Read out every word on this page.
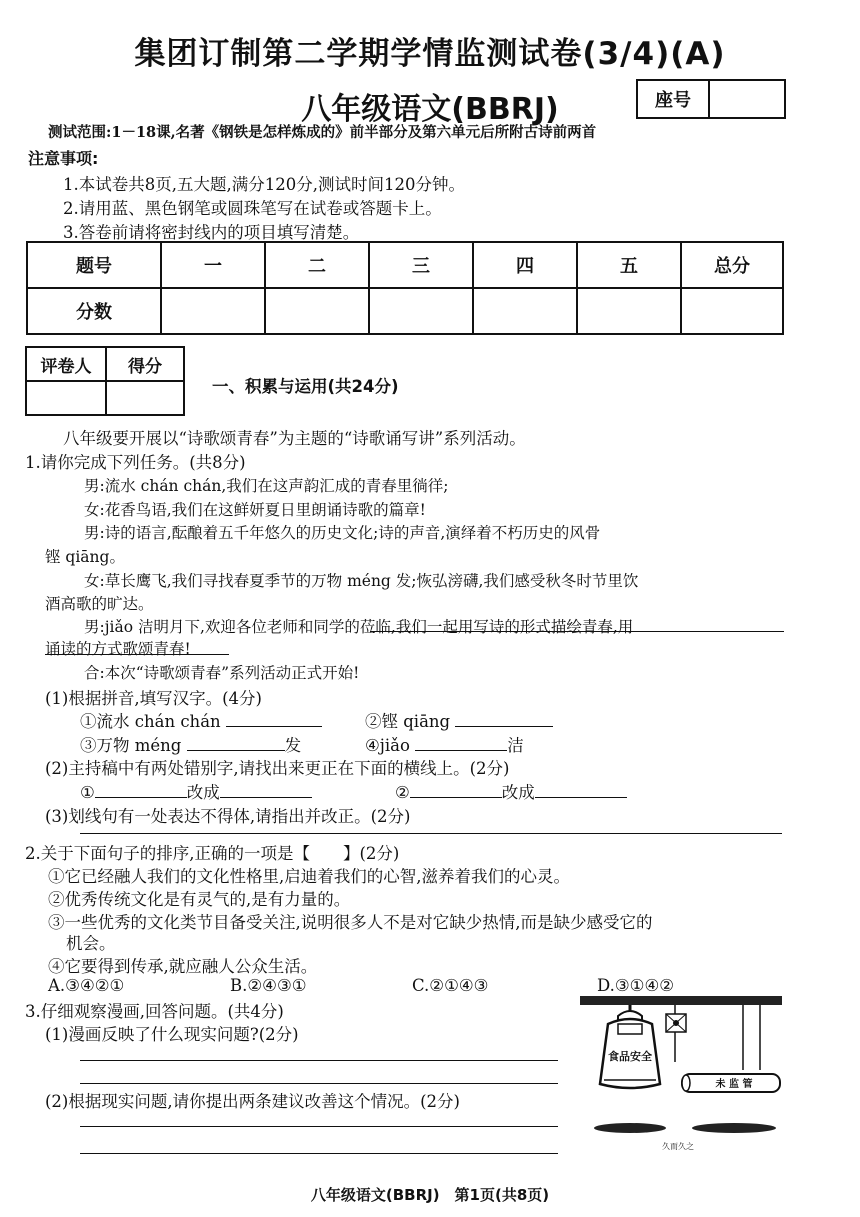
集团订制第二学期学情监测试卷(3/4)(A)
八年级语文(BBRJ)	座号
测试范围:1－18课,名著《钢铁是怎样炼成的》前半部分及第六单元后所附古诗前两首
注意事项:
1.本试卷共8页,五大题,满分120分,测试时间120分钟。
2.请用蓝、黑色钢笔或圆珠笔写在试卷或答题卡上。
3.答卷前请将密封线内的项目填写清楚。
题号	一	二	三	四	五	总分
分数						
评卷人	得分

一、积累与运用(共24分)
八年级要开展以“诗歌颂青春”为主题的“诗歌诵写讲”系列活动。
1.请你完成下列任务。(共8分)
男:流水 chán chán,我们在这声韵汇成的青春里徜徉;
女:花香鸟语,我们在这鲜妍夏日里朗诵诗歌的篇章!
男:诗的语言,酝酿着五千年悠久的历史文化;诗的声音,演绎着不朽历史的风骨
铿 qiāng。
女:草长鹰飞,我们寻找春夏季节的万物 méng 发;恢弘滂礴,我们感受秋冬时节里饮
酒高歌的旷达。
男:jiǎo 洁明月下,欢迎各位老师和同学的莅临,我们一起用写诗的形式描绘青春,用
诵读的方式歌颂青春!
合:本次“诗歌颂青春”系列活动正式开始!
(1)根据拼音,填写汉字。(4分)
①流水 chán chán	②铿 qiāng
③万物 méng	发	④jiǎo	洁
(2)主持稿中有两处错别字,请找出来更正在下面的横线上。(2分)
①	改成	②	改成
(3)划线句有一处表达不得体,请指出并改正。(2分)
2.关于下面句子的排序,正确的一项是【　　】(2分)
①它已经融人我们的文化性格里,启迪着我们的心智,滋养着我们的心灵。
②优秀传统文化是有灵气的,是有力量的。
③一些优秀的文化类节目备受关注,说明很多人不是对它缺少热情,而是缺少感受它的
机会。
④它要得到传承,就应融人公众生活。
A.③④②①	B.②④③①	C.②①④③	D.③①④②
3.仔细观察漫画,回答问题。(共4分)
(1)漫画反映了什么现实问题?(2分)
(2)根据现实问题,请你提出两条建议改善这个情况。(2分)
食品安全
未 监 管
久而久之
八年级语文(BBRJ)　第1页(共8页)
